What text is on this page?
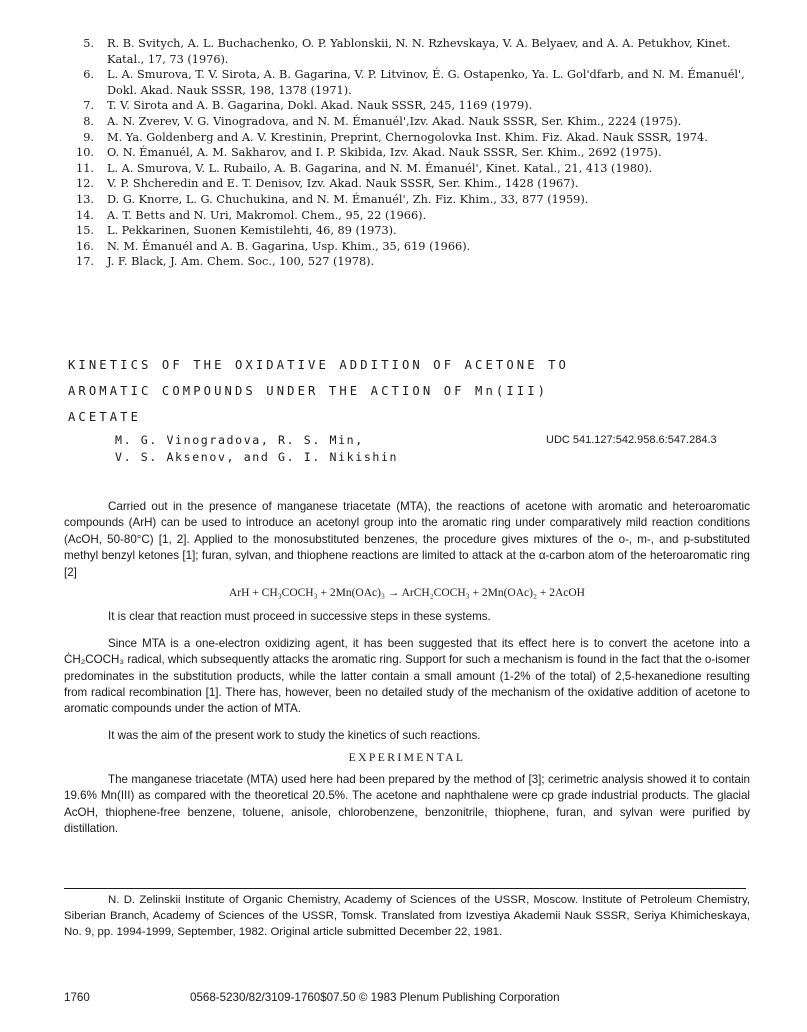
5.	R. B. Svitych, A. L. Buchachenko, O. P. Yablonskii, N. N. Rzhevskaya, V. A. Belyaev, and A. A. Petukhov, Kinet. Katal., 17, 73 (1976).
6.	L. A. Smurova, T. V. Sirota, A. B. Gagarina, V. P. Litvinov, É. G. Ostapenko, Ya. L. Gol'dfarb, and N. M. Émanuél', Dokl. Akad. Nauk SSSR, 198, 1378 (1971).
7.	T. V. Sirota and A. B. Gagarina, Dokl. Akad. Nauk SSSR, 245, 1169 (1979).
8.	A. N. Zverev, V. G. Vinogradova, and N. M. Émanuél',Izv. Akad. Nauk SSSR, Ser. Khim., 2224 (1975).
9.	M. Ya. Goldenberg and A. V. Krestinin, Preprint, Chernogolovka Inst. Khim. Fiz. Akad. Nauk SSSR, 1974.
10.	O. N. Émanuél, A. M. Sakharov, and I. P. Skibida, Izv. Akad. Nauk SSSR, Ser. Khim., 2692 (1975).
11.	L. A. Smurova, V. L. Rubailo, A. B. Gagarina, and N. M. Émanuél', Kinet. Katal., 21, 413 (1980).
12.	V. P. Shcheredin and E. T. Denisov, Izv. Akad. Nauk SSSR, Ser. Khim., 1428 (1967).
13.	D. G. Knorre, L. G. Chuchukina, and N. M. Émanuél', Zh. Fiz. Khim., 33, 877 (1959).
14.	A. T. Betts and N. Uri, Makromol. Chem., 95, 22 (1966).
15.	L. Pekkarinen, Suonen Kemistilehti, 46, 89 (1973).
16.	N. M. Émanuél and A. B. Gagarina, Usp. Khim., 35, 619 (1966).
17.	J. F. Black, J. Am. Chem. Soc., 100, 527 (1978).
KINETICS OF THE OXIDATIVE ADDITION OF ACETONE TO
AROMATIC COMPOUNDS UNDER THE ACTION OF Mn(III)
ACETATE
M. G. Vinogradova, R. S. Min,
V. S. Aksenov, and G. I. Nikishin
UDC 541.127:542.958.6:547.284.3

Carried out in the presence of manganese triacetate (MTA), the reactions of acetone with aromatic and heteroaromatic compounds (ArH) can be used to introduce an acetonyl group into the aromatic ring under comparatively mild reaction conditions (AcOH, 50-80°C) [1, 2]. Applied to the monosubstituted benzenes, the procedure gives mixtures of the o-, m-, and p-substituted methyl benzyl ketones [1]; furan, sylvan, and thiophene reactions are limited to attack at the α-carbon atom of the heteroaromatic ring [2]

ArH + CH₃COCH₃ + 2Mn(OAc)₃ → ArCH₂COCH₃ + 2Mn(OAc)₂ + 2AcOH

It is clear that reaction must proceed in successive steps in these systems.

Since MTA is a one-electron oxidizing agent, it has been suggested that its effect here is to convert the acetone into a ĊH₂COCH₃ radical, which subsequently attacks the aromatic ring. Support for such a mechanism is found in the fact that the o-isomer predominates in the substitution products, while the latter contain a small amount (1-2% of the total) of 2,5-hexanedione resulting from radical recombination [1]. There has, however, been no detailed study of the mechanism of the oxidative addition of acetone to aromatic compounds under the action of MTA.

It was the aim of the present work to study the kinetics of such reactions.

EXPERIMENTAL

The manganese triacetate (MTA) used here had been prepared by the method of [3]; cerimetric analysis showed it to contain 19.6% Mn(III) as compared with the theoretical 20.5%. The acetone and naphthalene were cp grade industrial products. The glacial AcOH, thiophene-free benzene, toluene, anisole, chlorobenzene, benzonitrile, thiophene, furan, and sylvan were purified by distillation.

N. D. Zelinskii Institute of Organic Chemistry, Academy of Sciences of the USSR, Moscow. Institute of Petroleum Chemistry, Siberian Branch, Academy of Sciences of the USSR, Tomsk. Translated from Izvestiya Akademii Nauk SSSR, Seriya Khimicheskaya, No. 9, pp. 1994-1999, September, 1982. Original article submitted December 22, 1981.

1760	0568-5230/82/3109-1760$07.50 © 1983 Plenum Publishing Corporation
